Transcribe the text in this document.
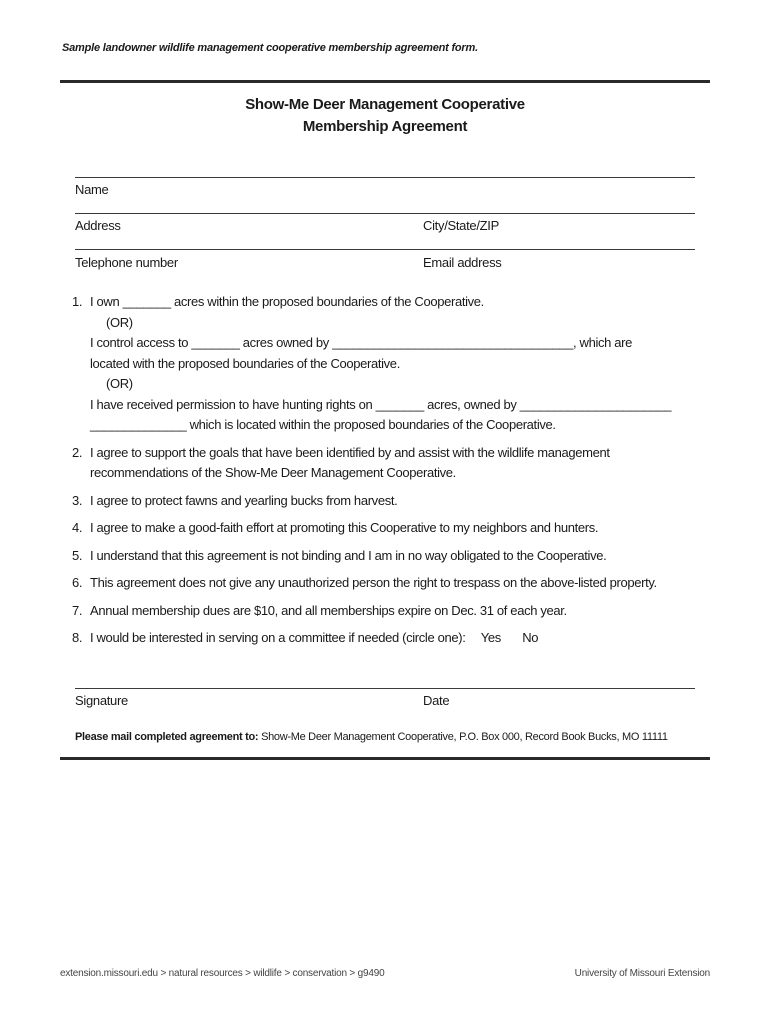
Sample landowner wildlife management cooperative membership agreement form.
Show-Me Deer Management Cooperative
Membership Agreement
Name
Address	City/State/ZIP
Telephone number	Email address
1. I own _______ acres within the proposed boundaries of the Cooperative.
(OR)
I control access to _______ acres owned by ___________________________________, which are
located with the proposed boundaries of the Cooperative.
(OR)
I have received permission to have hunting rights on _______ acres, owned by ______________________
______________ which is located within the proposed boundaries of the Cooperative.
2. I agree to support the goals that have been identified by and assist with the wildlife management
recommendations of the Show-Me Deer Management Cooperative.
3. I agree to protect fawns and yearling bucks from harvest.
4. I agree to make a good-faith effort at promoting this Cooperative to my neighbors and hunters.
5. I understand that this agreement is not binding and I am in no way obligated to the Cooperative.
6. This agreement does not give any unauthorized person the right to trespass on the above-listed property.
7. Annual membership dues are $10, and all memberships expire on Dec. 31 of each year.
8. I would be interested in serving on a committee if needed (circle one): Yes No
Signature	Date
Please mail completed agreement to: Show-Me Deer Management Cooperative, P.O. Box 000, Record Book Bucks, MO 11111
extension.missouri.edu > natural resources > wildlife > conservation > g9490	University of Missouri Extension
